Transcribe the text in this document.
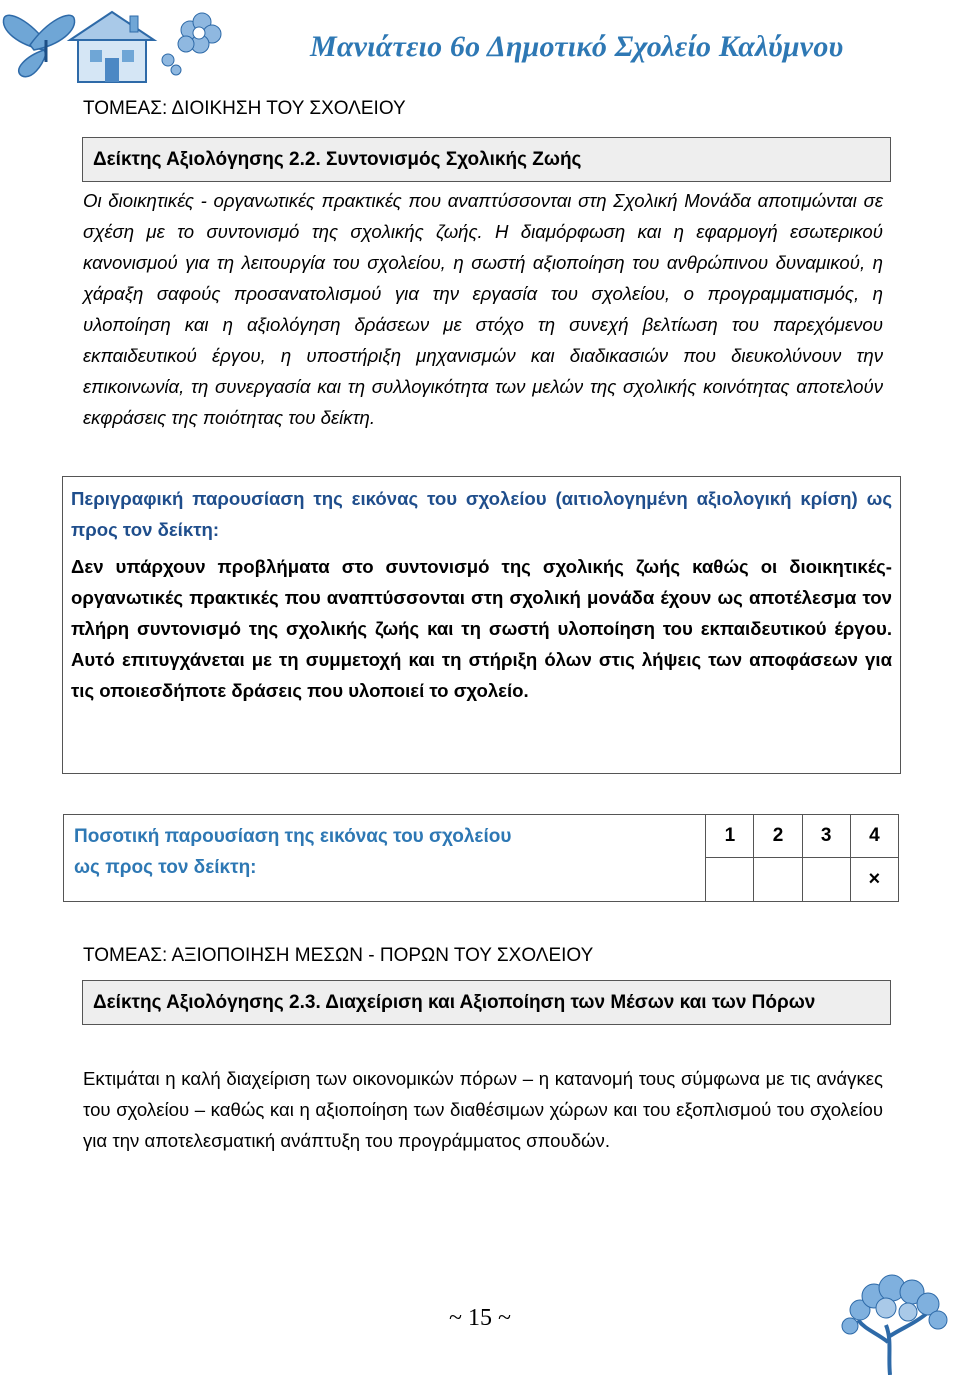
Μανιάτειο 6ο Δημοτικό Σχολείο Καλύμνου
ΤΟΜΕΑΣ: ΔΙΟΙΚΗΣΗ ΤΟΥ ΣΧΟΛΕΙΟΥ
Δείκτης Αξιολόγησης 2.2. Συντονισμός Σχολικής Ζωής
Οι διοικητικές - οργανωτικές πρακτικές που αναπτύσσονται στη Σχολική Μονάδα αποτιμώνται σε σχέση με το συντονισμό της σχολικής ζωής. Η διαμόρφωση και η εφαρμογή εσωτερικού κανονισμού για τη λειτουργία του σχολείου, η σωστή αξιοποίηση του ανθρώπινου δυναμικού, η χάραξη σαφούς προσανατολισμού για την εργασία του σχολείου, ο προγραμματισμός, η υλοποίηση και η αξιολόγηση δράσεων με στόχο τη συνεχή βελτίωση του παρεχόμενου εκπαιδευτικού έργου, η υποστήριξη μηχανισμών και διαδικασιών που διευκολύνουν την επικοινωνία, τη συνεργασία και τη συλλογικότητα των μελών της σχολικής κοινότητας αποτελούν εκφράσεις της ποιότητας του δείκτη.
Περιγραφική παρουσίαση της εικόνας του σχολείου (αιτιολογημένη αξιολογική κρίση) ως προς τον δείκτη:
Δεν υπάρχουν προβλήματα στο συντονισμό της σχολικής ζωής καθώς οι διοικητικές- οργανωτικές πρακτικές που αναπτύσσονται στη σχολική μονάδα έχουν ως αποτέλεσμα τον πλήρη συντονισμό της σχολικής ζωής και τη σωστή υλοποίηση του εκπαιδευτικού έργου. Αυτό επιτυγχάνεται με τη συμμετοχή και τη στήριξη όλων στις λήψεις των αποφάσεων για τις οποιεσδήποτε δράσεις που υλοποιεί το σχολείο.
Ποσοτική παρουσίαση της εικόνας του σχολείου
ως προς τον δείκτη:	1	2	3	4
				×
ΤΟΜΕΑΣ: ΑΞΙΟΠΟΙΗΣΗ ΜΕΣΩΝ - ΠΟΡΩΝ ΤΟΥ ΣΧΟΛΕΙΟΥ
Δείκτης Αξιολόγησης 2.3. Διαχείριση και Αξιοποίηση των Μέσων και των Πόρων
Εκτιμάται η καλή διαχείριση των οικονομικών πόρων – η κατανομή τους σύμφωνα με τις ανάγκες του σχολείου – καθώς και η αξιοποίηση των διαθέσιμων χώρων και του εξοπλισμού του σχολείου για την αποτελεσματική ανάπτυξη του προγράμματος σπουδών.
~ 15 ~
